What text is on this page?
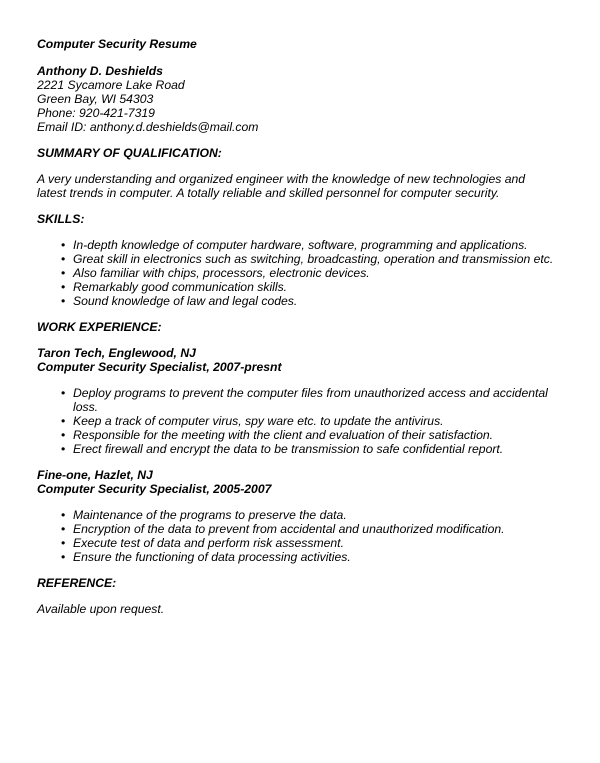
Computer Security Resume
Anthony D. Deshields
2221 Sycamore Lake Road
Green Bay, WI 54303
Phone: 920-421-7319
Email ID: anthony.d.deshields@mail.com
SUMMARY OF QUALIFICATION:

A very understanding and organized engineer with the knowledge of new technologies and latest trends in computer. A totally reliable and skilled personnel for computer security.

SKILLS:
• In-depth knowledge of computer hardware, software, programming and applications.
• Great skill in electronics such as switching, broadcasting, operation and transmission etc.
• Also familiar with chips, processors, electronic devices.
• Remarkably good communication skills.
• Sound knowledge of law and legal codes.
WORK EXPERIENCE:
Taron Tech, Englewood, NJ
Computer Security Specialist, 2007-presnt
• Deploy programs to prevent the computer files from unauthorized access and accidental loss.
• Keep a track of computer virus, spy ware etc. to update the antivirus.
• Responsible for the meeting with the client and evaluation of their satisfaction.
• Erect firewall and encrypt the data to be transmission to safe confidential report.
Fine-one, Hazlet, NJ
Computer Security Specialist, 2005-2007
• Maintenance of the programs to preserve the data.
• Encryption of the data to prevent from accidental and unauthorized modification.
• Execute test of data and perform risk assessment.
• Ensure the functioning of data processing activities.
REFERENCE:
Available upon request.
